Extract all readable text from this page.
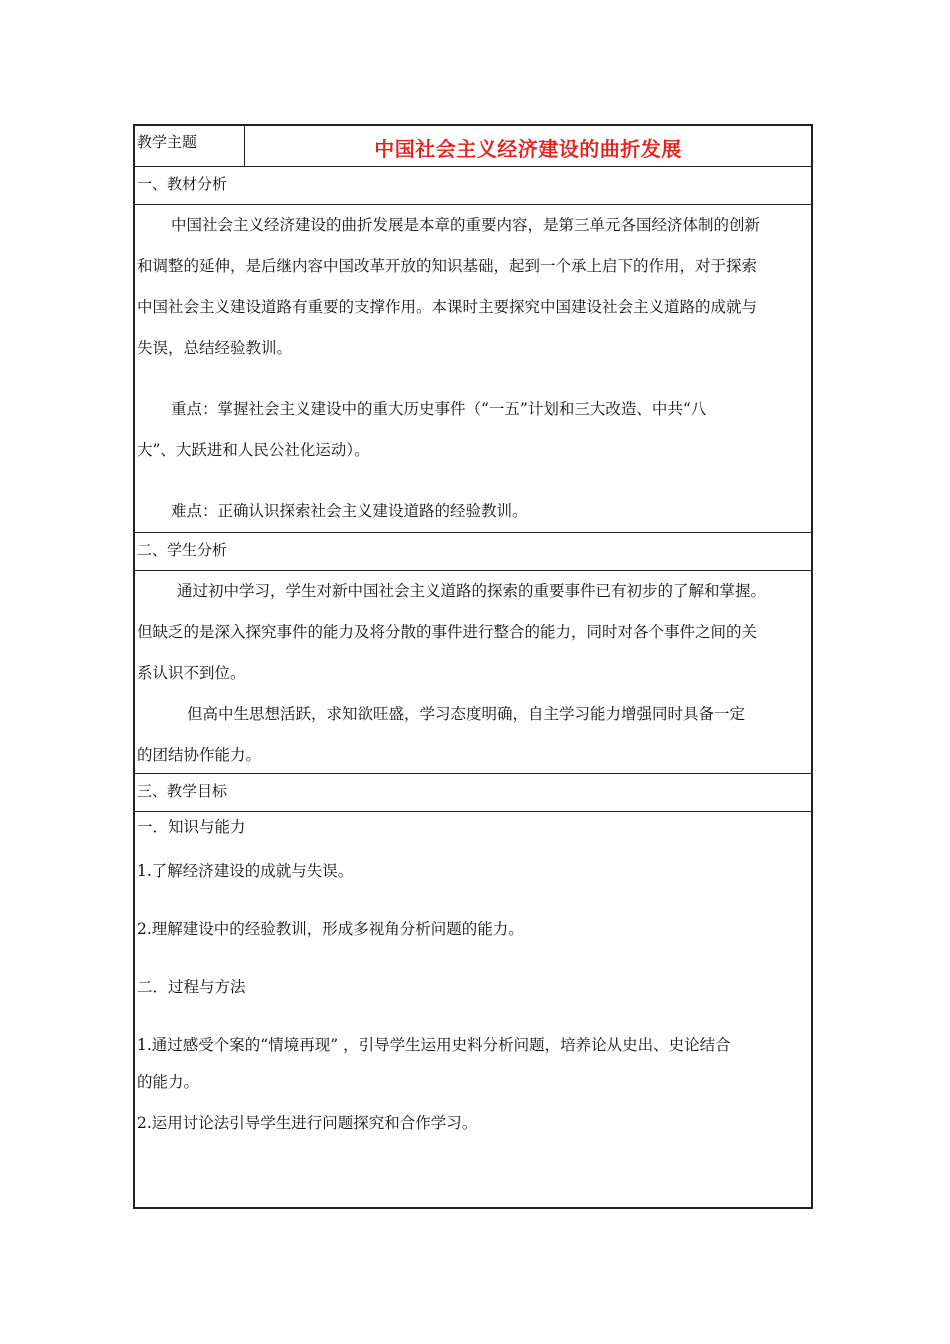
教学主题	中国社会主义经济建设的曲折发展
一、教材分析

中国社会主义经济建设的曲折发展是本章的重要内容，是第三单元各国经济体制的创新

和调整的延伸，是后继内容中国改革开放的知识基础，起到一个承上启下的作用，对于探索

中国社会主义建设道路有重要的支撑作用。本课时主要探究中国建设社会主义道路的成就与

失误，总结经验教训。

重点：掌握社会主义建设中的重大历史事件（“一五”计划和三大改造、中共“八

大”、大跃进和人民公社化运动）。

难点：正确认识探索社会主义建设道路的经验教训。

二、学生分析

通过初中学习，学生对新中国社会主义道路的探索的重要事件已有初步的了解和掌握。

但缺乏的是深入探究事件的能力及将分散的事件进行整合的能力，同时对各个事件之间的关

系认识不到位。

但高中生思想活跃，求知欲旺盛，学习态度明确，自主学习能力增强同时具备一定

的团结协作能力。

三、教学目标

一．知识与能力

1.了解经济建设的成就与失误。

2.理解建设中的经验教训，形成多视角分析问题的能力。

二．过程与方法

1.通过感受个案的“情境再现” ，引导学生运用史料分析问题，培养论从史出、史论结合

的能力。

2.运用讨论法引导学生进行问题探究和合作学习。
